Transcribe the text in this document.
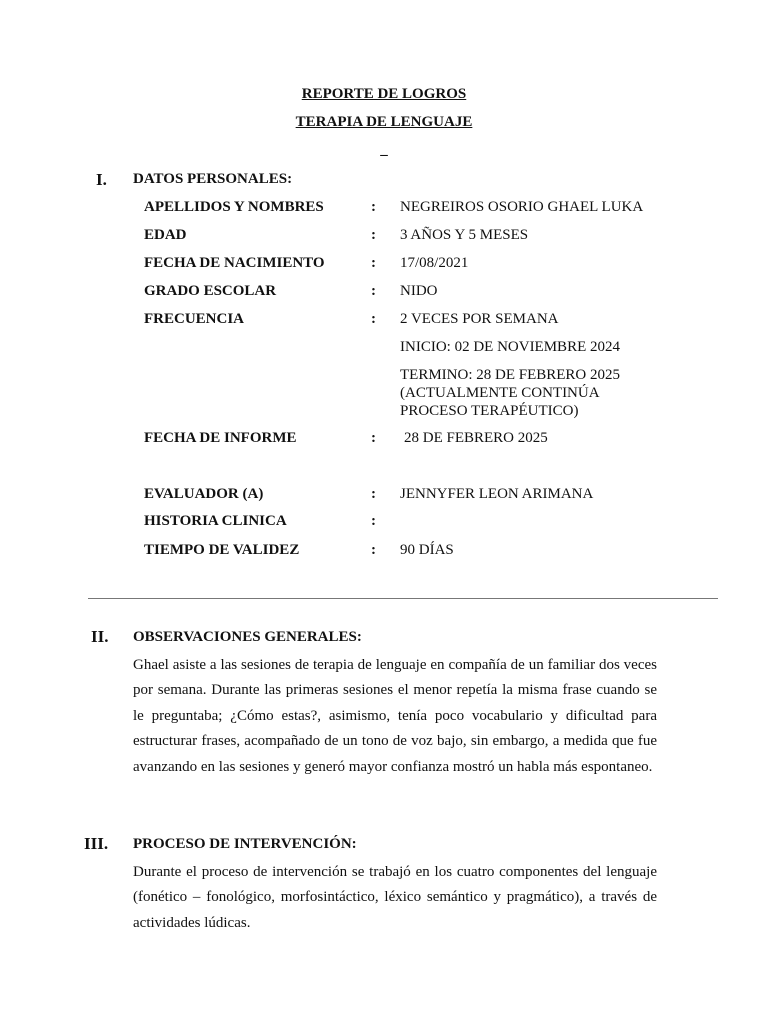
REPORTE DE LOGROS
TERAPIA DE LENGUAJE
_
I. DATOS PERSONALES:
APELLIDOS Y NOMBRES	: NEGREIROS OSORIO GHAEL LUKA
EDAD	: 3 AÑOS Y 5 MESES
FECHA DE NACIMIENTO	: 17/08/2021
GRADO ESCOLAR	: NIDO
FRECUENCIA	: 2 VECES POR SEMANA
INICIO: 02 DE NOVIEMBRE 2024
TERMINO: 28 DE FEBRERO 2025
(ACTUALMENTE CONTINÚA
PROCESO TERAPÉUTICO)
FECHA DE INFORME	: 28 DE FEBRERO 2025
EVALUADOR (A)	: JENNYFER LEON ARIMANA
HISTORIA CLINICA	:
TIEMPO DE VALIDEZ	: 90 DÍAS
II. OBSERVACIONES GENERALES:

Ghael asiste a las sesiones de terapia de lenguaje en compañía de un familiar dos veces por semana. Durante las primeras sesiones el menor repetía la misma frase cuando se le preguntaba; ¿Cómo estas?, asimismo, tenía poco vocabulario y dificultad para estructurar frases, acompañado de un tono de voz bajo, sin embargo, a medida que fue avanzando en las sesiones y generó mayor confianza mostró un habla más espontaneo.

III. PROCESO DE INTERVENCIÓN:

Durante el proceso de intervención se trabajó en los cuatro componentes del lenguaje (fonético – fonológico, morfosintáctico, léxico semántico y pragmático), a través de actividades lúdicas.
